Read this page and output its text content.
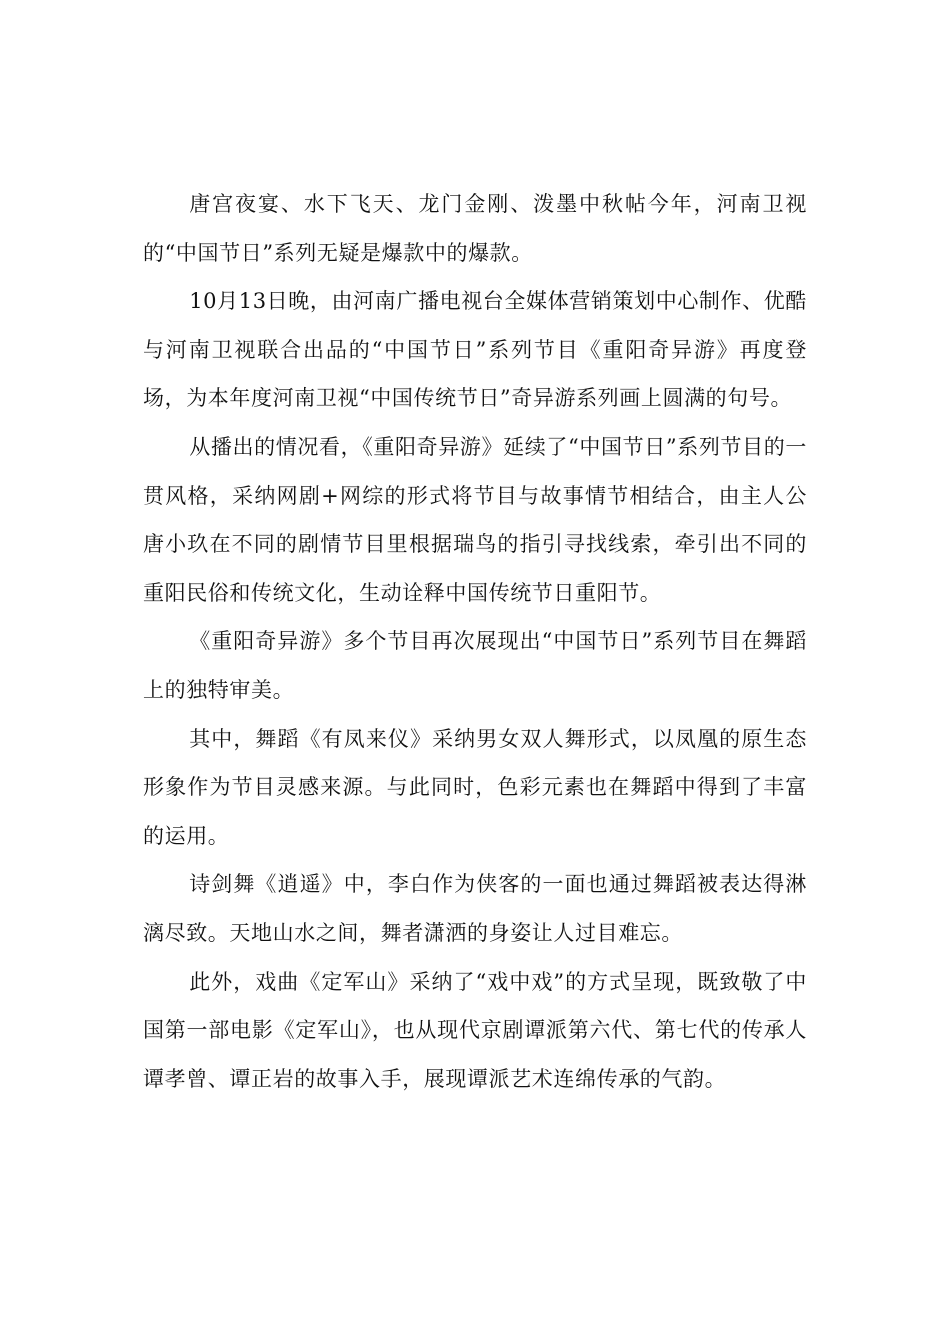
唐宫夜宴、水下飞天、龙门金刚、泼墨中秋帖今年，河南卫视的“中国节日”系列无疑是爆款中的爆款。

10月13日晚，由河南广播电视台全媒体营销策划中心制作、优酷与河南卫视联合出品的“中国节日”系列节目《重阳奇异游》再度登场，为本年度河南卫视“中国传统节日”奇异游系列画上圆满的句号。

从播出的情况看，《重阳奇异游》延续了“中国节日”系列节目的一贯风格，采纳网剧+网综的形式将节目与故事情节相结合，由主人公唐小玖在不同的剧情节目里根据瑞鸟的指引寻找线索，牵引出不同的重阳民俗和传统文化，生动诠释中国传统节日重阳节。

《重阳奇异游》多个节目再次展现出“中国节日”系列节目在舞蹈上的独特审美。

其中，舞蹈《有凤来仪》采纳男女双人舞形式，以凤凰的原生态形象作为节目灵感来源。与此同时，色彩元素也在舞蹈中得到了丰富的运用。

诗剑舞《逍遥》中，李白作为侠客的一面也通过舞蹈被表达得淋漓尽致。天地山水之间，舞者潇洒的身姿让人过目难忘。

此外，戏曲《定军山》采纳了“戏中戏”的方式呈现，既致敬了中国第一部电影《定军山》，也从现代京剧谭派第六代、第七代的传承人谭孝曾、谭正岩的故事入手，展现谭派艺术连绵传承的气韵。
